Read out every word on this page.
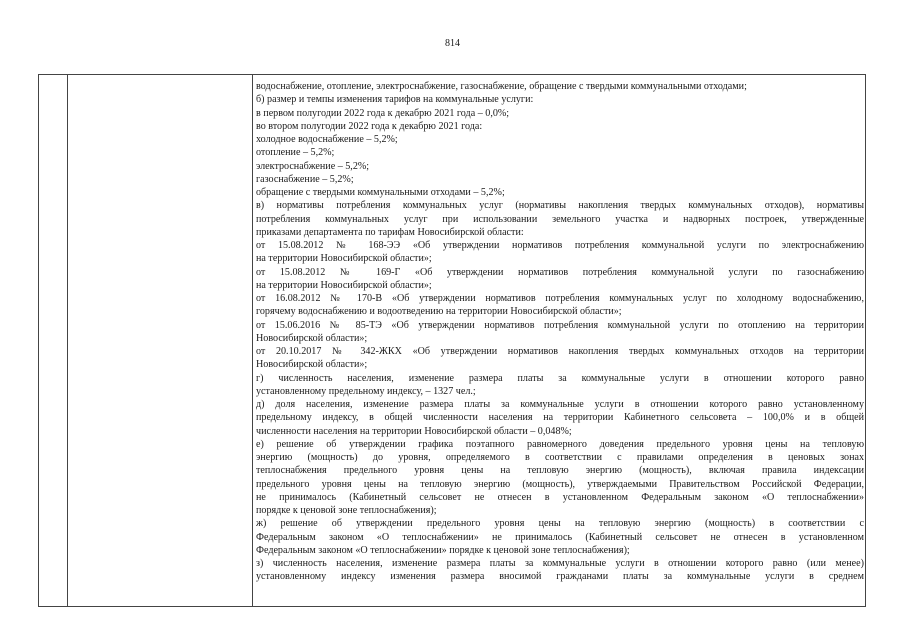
814
водоснабжение, отопление, электроснабжение, газоснабжение, обращение с твердыми коммунальными отходами;
б) размер и темпы изменения тарифов на коммунальные услуги:
в первом полугодии 2022 года к декабрю 2021 года – 0,0%;
во втором полугодии 2022 года к декабрю 2021 года:
холодное водоснабжение – 5,2%;
отопление – 5,2%;
электроснабжение – 5,2%;
газоснабжение – 5,2%;
обращение с твердыми коммунальными отходами – 5,2%;
в) нормативы потребления коммунальных услуг (нормативы накопления твердых коммунальных отходов), нормативы
потребления коммунальных услуг при использовании земельного участка и надворных построек, утвержденные
приказами департамента по тарифам Новосибирской области:
от 15.08.2012 № 168-ЭЭ «Об утверждении нормативов потребления коммунальной услуги по электроснабжению
на территории Новосибирской области»;
от 15.08.2012 № 169-Г «Об утверждении нормативов потребления коммунальной услуги по газоснабжению
на территории Новосибирской области»;
от 16.08.2012 № 170-В «Об утверждении нормативов потребления коммунальных услуг по холодному водоснабжению,
горячему водоснабжению и водоотведению на территории Новосибирской области»;
от 15.06.2016 № 85-ТЭ «Об утверждении нормативов потребления коммунальной услуги по отоплению на территории
Новосибирской области»;
от 20.10.2017 № 342-ЖКХ «Об утверждении нормативов накопления твердых коммунальных отходов на территории
Новосибирской области»;
г) численность населения, изменение размера платы за коммунальные услуги в отношении которого равно
установленному предельному индексу, – 1327 чел.;
д) доля населения, изменение размера платы за коммунальные услуги в отношении которого равно установленному
предельному индексу, в общей численности населения на территории Кабинетного сельсовета – 100,0% и в общей
численности населения на территории Новосибирской области – 0,048%;
е) решение об утверждении графика поэтапного равномерного доведения предельного уровня цены на тепловую
энергию (мощность) до уровня, определяемого в соответствии с правилами определения в ценовых зонах
теплоснабжения предельного уровня цены на тепловую энергию (мощность), включая правила индексации
предельного уровня цены на тепловую энергию (мощность), утверждаемыми Правительством Российской Федерации,
не принималось (Кабинетный сельсовет не отнесен в установленном Федеральным законом «О теплоснабжении»
порядке к ценовой зоне теплоснабжения);
ж) решение об утверждении предельного уровня цены на тепловую энергию (мощность) в соответствии с
Федеральным законом «О теплоснабжении» не принималось (Кабинетный сельсовет не отнесен в установленном
Федеральным законом «О теплоснабжении» порядке к ценовой зоне теплоснабжения);
з) численность населения, изменение размера платы за коммунальные услуги в отношении которого равно (или менее)
установленному индексу изменения размера вносимой гражданами платы за коммунальные услуги в среднем
